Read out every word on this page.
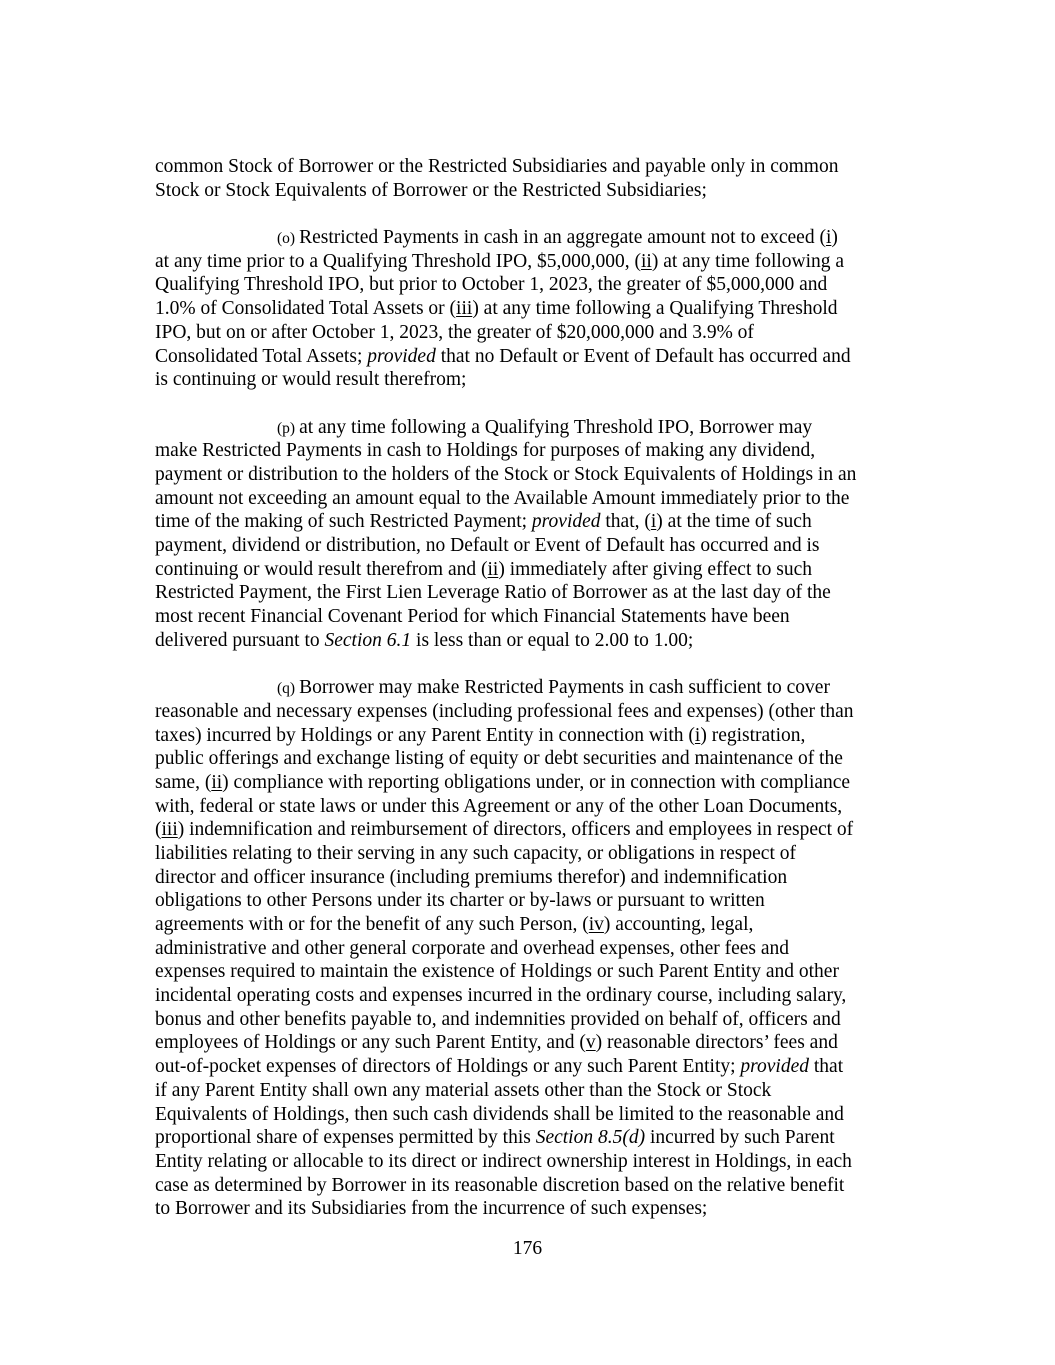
common Stock of Borrower or the Restricted Subsidiaries and payable only in common
Stock or Stock Equivalents of Borrower or the Restricted Subsidiaries;
(o) Restricted Payments in cash in an aggregate amount not to exceed (i)
at any time prior to a Qualifying Threshold IPO, $5,000,000, (ii) at any time following a
Qualifying Threshold IPO, but prior to October 1, 2023, the greater of $5,000,000 and
1.0% of Consolidated Total Assets or (iii) at any time following a Qualifying Threshold
IPO, but on or after October 1, 2023, the greater of $20,000,000 and 3.9% of
Consolidated Total Assets; provided that no Default or Event of Default has occurred and
is continuing or would result therefrom;
(p) at any time following a Qualifying Threshold IPO, Borrower may
make Restricted Payments in cash to Holdings for purposes of making any dividend,
payment or distribution to the holders of the Stock or Stock Equivalents of Holdings in an
amount not exceeding an amount equal to the Available Amount immediately prior to the
time of the making of such Restricted Payment; provided that, (i) at the time of such
payment, dividend or distribution, no Default or Event of Default has occurred and is
continuing or would result therefrom and (ii) immediately after giving effect to such
Restricted Payment, the First Lien Leverage Ratio of Borrower as at the last day of the
most recent Financial Covenant Period for which Financial Statements have been
delivered pursuant to Section 6.1 is less than or equal to 2.00 to 1.00;
(q) Borrower may make Restricted Payments in cash sufficient to cover
reasonable and necessary expenses (including professional fees and expenses) (other than
taxes) incurred by Holdings or any Parent Entity in connection with (i) registration,
public offerings and exchange listing of equity or debt securities and maintenance of the
same, (ii) compliance with reporting obligations under, or in connection with compliance
with, federal or state laws or under this Agreement or any of the other Loan Documents,
(iii) indemnification and reimbursement of directors, officers and employees in respect of
liabilities relating to their serving in any such capacity, or obligations in respect of
director and officer insurance (including premiums therefor) and indemnification
obligations to other Persons under its charter or by-laws or pursuant to written
agreements with or for the benefit of any such Person, (iv) accounting, legal,
administrative and other general corporate and overhead expenses, other fees and
expenses required to maintain the existence of Holdings or such Parent Entity and other
incidental operating costs and expenses incurred in the ordinary course, including salary,
bonus and other benefits payable to, and indemnities provided on behalf of, officers and
employees of Holdings or any such Parent Entity, and (v) reasonable directors’ fees and
out-of-pocket expenses of directors of Holdings or any such Parent Entity; provided that
if any Parent Entity shall own any material assets other than the Stock or Stock
Equivalents of Holdings, then such cash dividends shall be limited to the reasonable and
proportional share of expenses permitted by this Section 8.5(d) incurred by such Parent
Entity relating or allocable to its direct or indirect ownership interest in Holdings, in each
case as determined by Borrower in its reasonable discretion based on the relative benefit
to Borrower and its Subsidiaries from the incurrence of such expenses;
176
